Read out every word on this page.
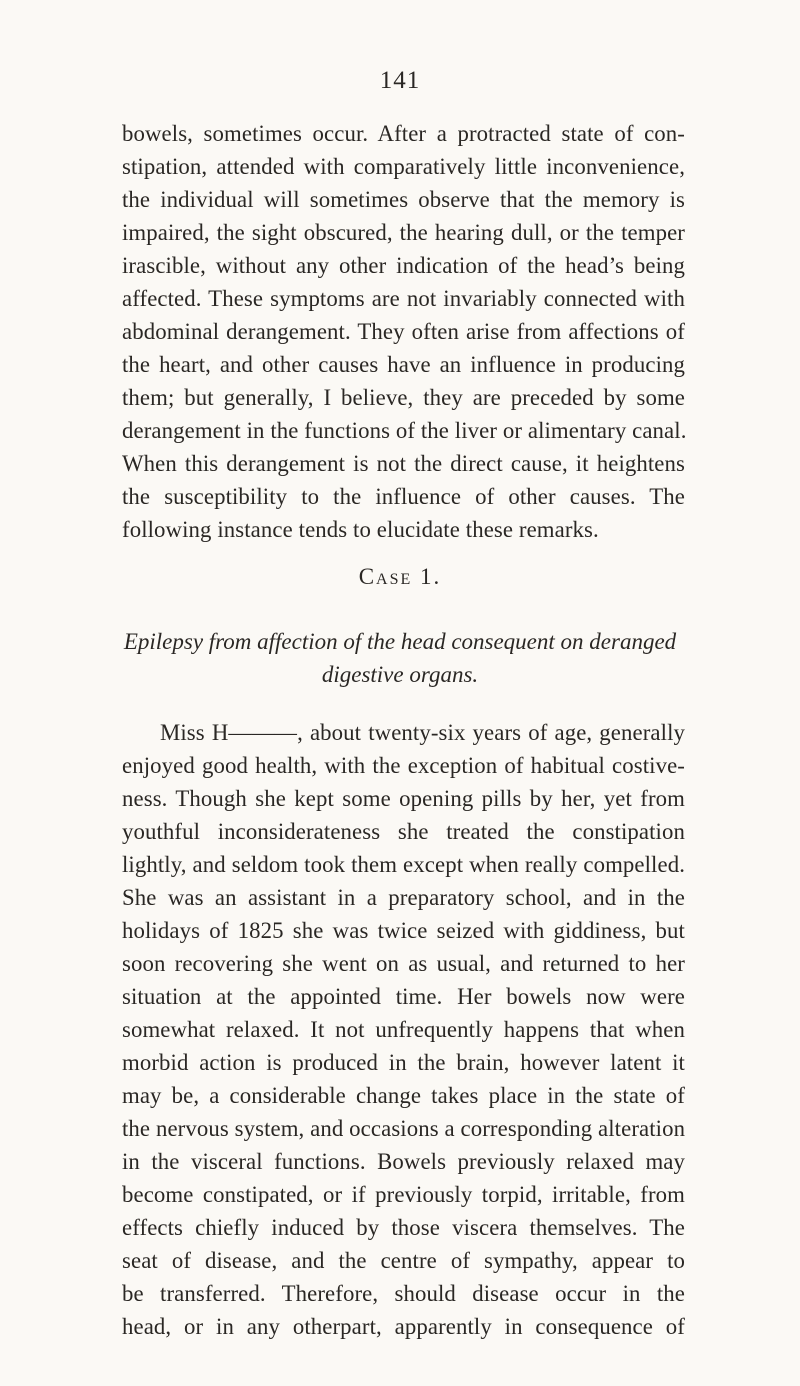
141
bowels, sometimes occur. After a protracted state of con-
stipation, attended with comparatively little inconvenience,
the individual will sometimes observe that the memory is
impaired, the sight obscured, the hearing dull, or the temper
irascible, without any other indication of the head’s being
affected. These symptoms are not invariably connected with
abdominal derangement. They often arise from affections of
the heart, and other causes have an influence in producing
them; but generally, I believe, they are preceded by some
derangement in the functions of the liver or alimentary canal.
When this derangement is not the direct cause, it heightens
the susceptibility to the influence of other causes. The
following instance tends to elucidate these remarks.
Case 1.
Epilepsy from affection of the head consequent on deranged
digestive organs.
Miss H———, about twenty-six years of age, generally
enjoyed good health, with the exception of habitual costive-
ness. Though she kept some opening pills by her, yet from
youthful inconsiderateness she treated the constipation
lightly, and seldom took them except when really compelled.
She was an assistant in a preparatory school, and in the
holidays of 1825 she was twice seized with giddiness, but
soon recovering she went on as usual, and returned to her
situation at the appointed time. Her bowels now were
somewhat relaxed. It not unfrequently happens that when
morbid action is produced in the brain, however latent it
may be, a considerable change takes place in the state of
the nervous system, and occasions a corresponding alteration
in the visceral functions. Bowels previously relaxed may
become constipated, or if previously torpid, irritable, from
effects chiefly induced by those viscera themselves. The
seat of disease, and the centre of sympathy, appear to
be transferred. Therefore, should disease occur in the
head, or in any otherpart, apparently in consequence of
